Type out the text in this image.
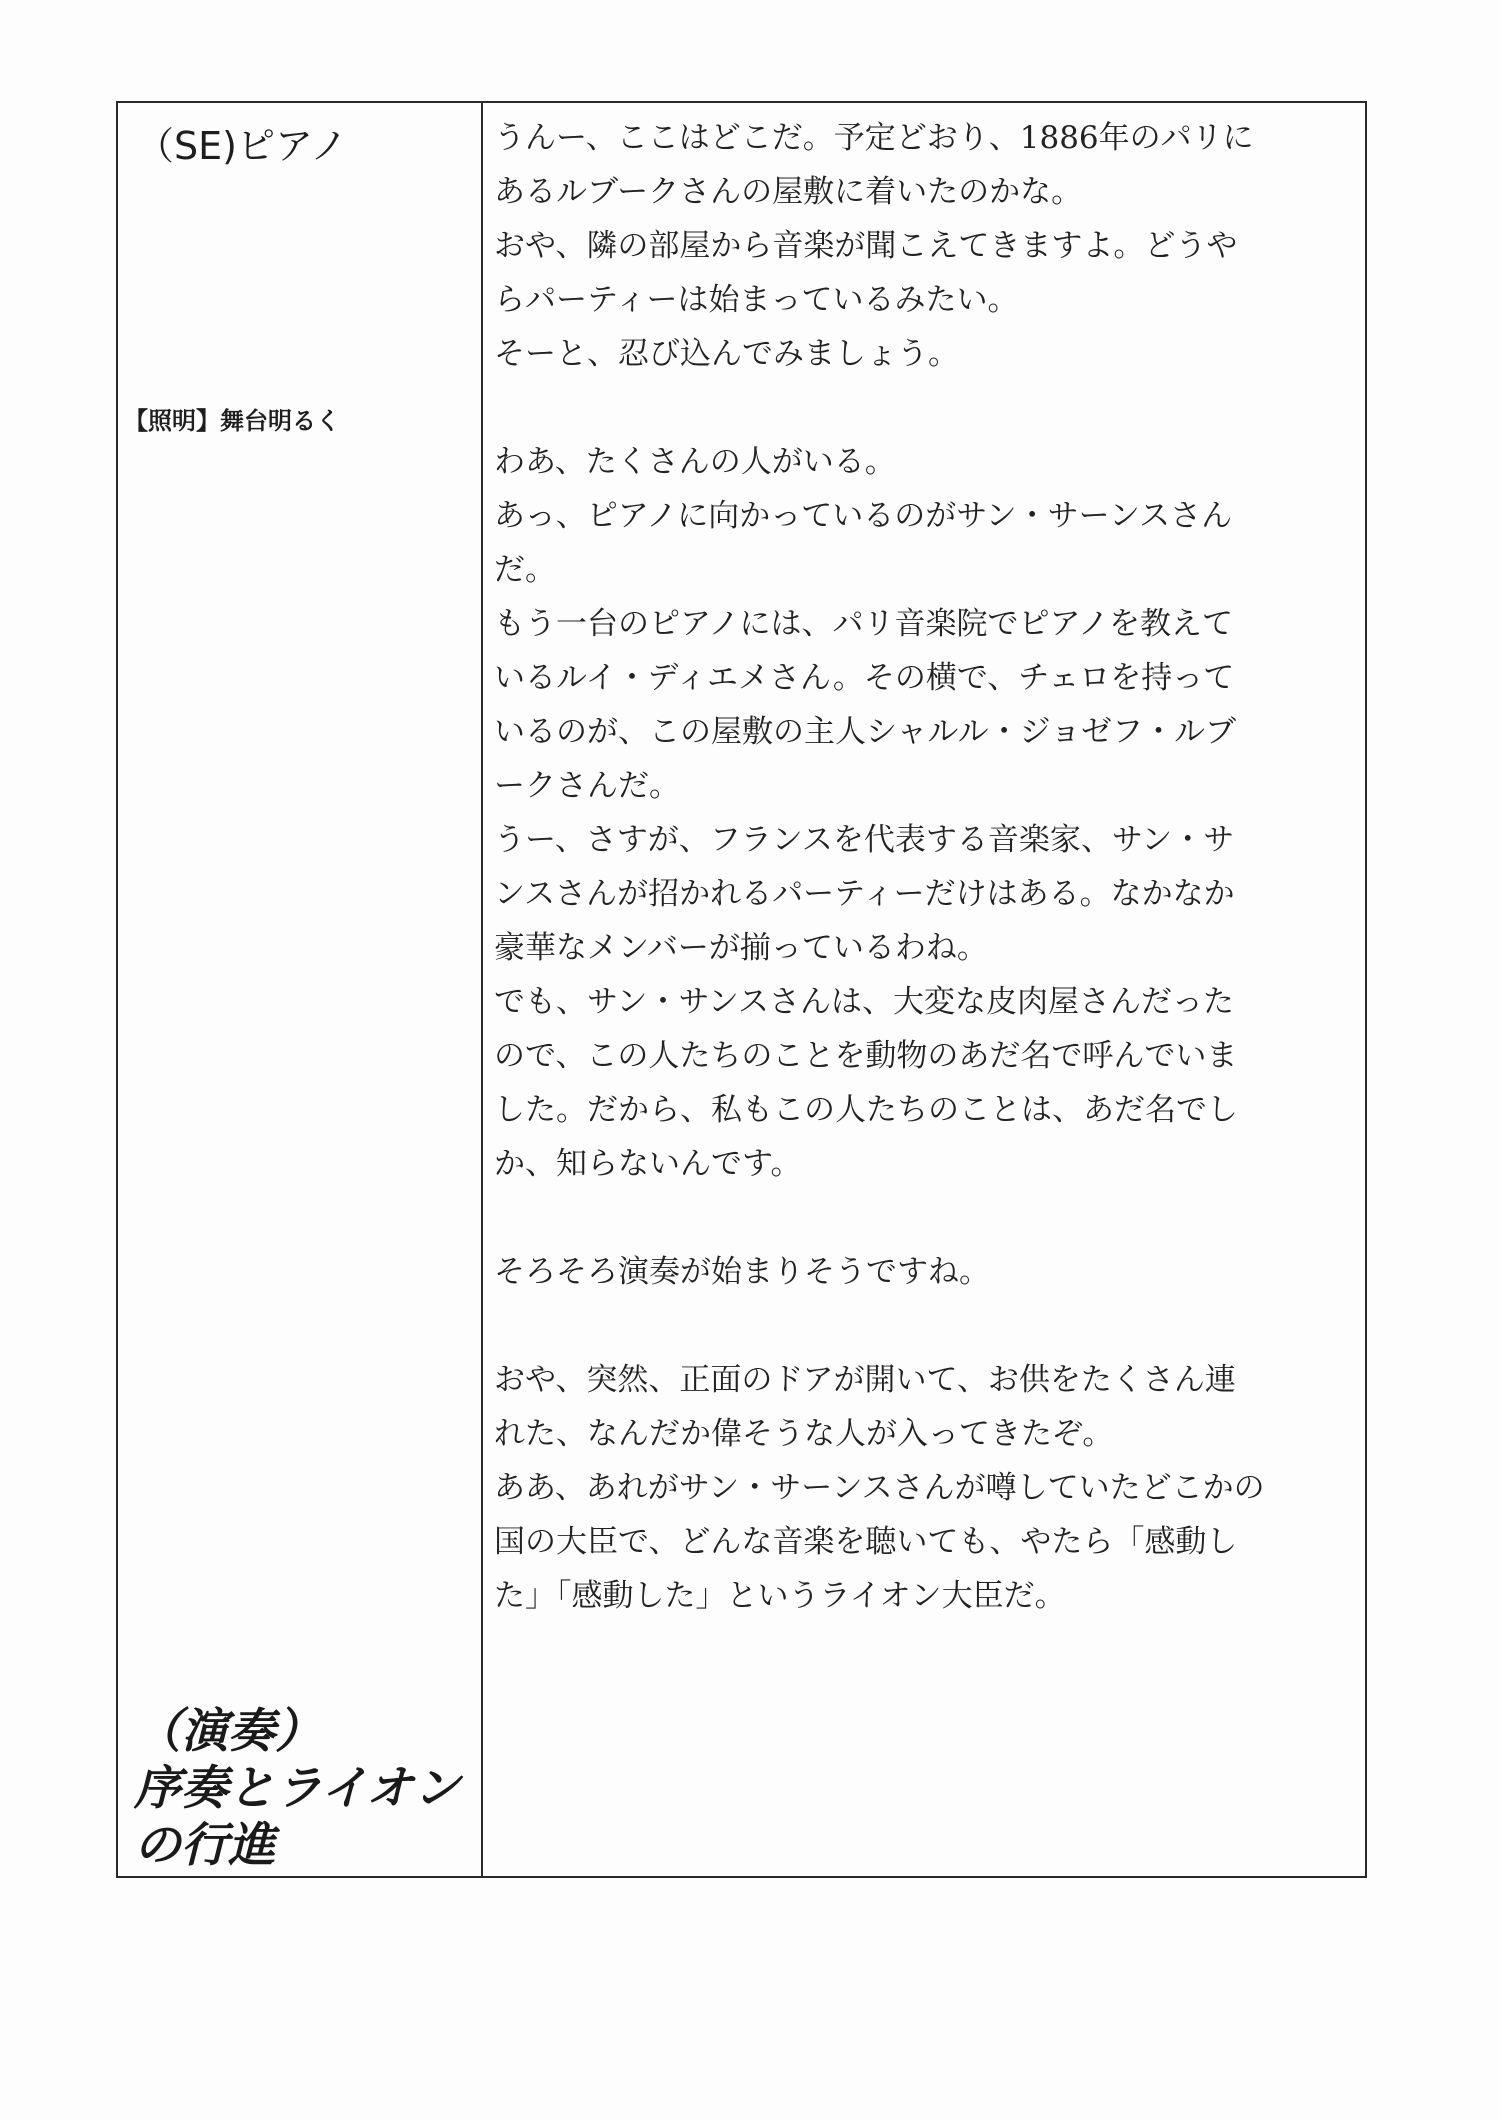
（SE)ピアノ
【照明】舞台明るく
（演奏）
序奏とライオン
の行進
うんー、ここはどこだ。予定どおり、1886年のパリに
あるルブークさんの屋敷に着いたのかな。
おや、隣の部屋から音楽が聞こえてきますよ。どうや
らパーティーは始まっているみたい。
そーと、忍び込んでみましょう。
わあ、たくさんの人がいる。
あっ、ピアノに向かっているのがサン・サーンスさん
だ。
もう一台のピアノには、パリ音楽院でピアノを教えて
いるルイ・ディエメさん。その横で、チェロを持って
いるのが、この屋敷の主人シャルル・ジョゼフ・ルブ
ークさんだ。
うー、さすが、フランスを代表する音楽家、サン・サ
ンスさんが招かれるパーティーだけはある。なかなか
豪華なメンバーが揃っているわね。
でも、サン・サンスさんは、大変な皮肉屋さんだった
ので、この人たちのことを動物のあだ名で呼んでいま
した。だから、私もこの人たちのことは、あだ名でし
か、知らないんです。
そろそろ演奏が始まりそうですね。
おや、突然、正面のドアが開いて、お供をたくさん連
れた、なんだか偉そうな人が入ってきたぞ。
ああ、あれがサン・サーンスさんが噂していたどこかの
国の大臣で、どんな音楽を聴いても、やたら「感動し
た」「感動した」というライオン大臣だ。
